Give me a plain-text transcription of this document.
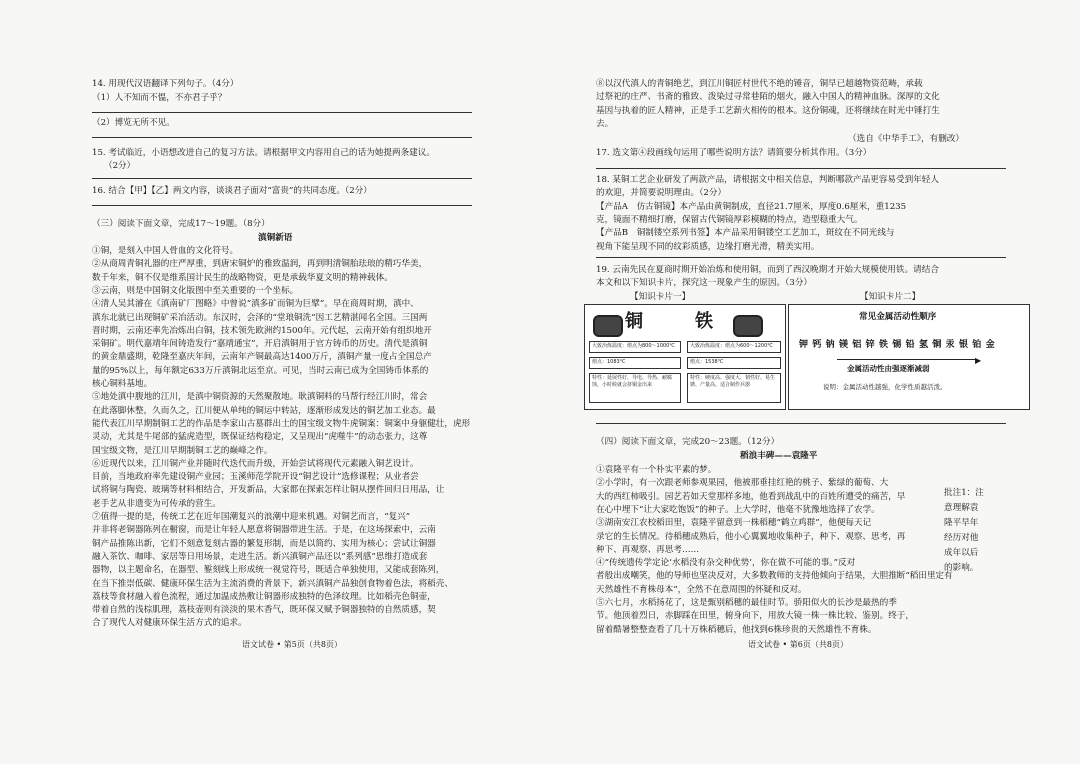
14. 用现代汉语翻译下列句子。（4分）
（1）人不知而不愠，不亦君子乎？
（2）博览无所不见。
15. 考试临近，小语想改进自己的复习方法。请根据甲文内容用自己的话为她提两条建议。
（2分）
16. 结合【甲】【乙】两文内容，谈谈君子面对“富贵”的共同态度。（2分）
（三）阅读下面文章，完成17～19题。（8分）
滇铜新语
①铜，是刻入中国人骨血的文化符号。
②从商周青铜礼器的庄严厚重，到唐宋铜炉的雅致温润，再到明清铜胎珐琅的精巧华美，
数千年来，铜不仅是维系国计民生的战略物资，更是承载华夏文明的精神载体。
③云南，则是中国铜文化版图中至关重要的一个坐标。
④清人吴其濬在《滇南矿厂图略》中曾说“滇多矿而铜为巨擘”。早在商周时期，滇中、
滇东北就已出现铜矿采冶活动。东汉时，会泽的“堂琅铜洗”因工艺精湛闻名全国。三国两
晋时期，云南还率先冶炼出白铜，技术领先欧洲约1500年。元代起，云南开始有组织地开
采铜矿。明代嘉靖年间铸造发行“嘉靖通宝”，开启滇铜用于官方铸币的历史。清代是滇铜
的黄金鼎盛期，乾隆至嘉庆年间，云南年产铜最高达1400万斤，滇铜产量一度占全国总产
量的95%以上，每年额定633万斤滇铜北运至京。可见，当时云南已成为全国铸币体系的
核心铜料基地。
⑤地处滇中腹地的江川，是滇中铜资源的天然聚散地。耿滇铜料的马帮行经江川时，常会
在此落脚休整，久而久之，江川便从单纯的铜运中转站，逐渐形成发达的铜艺加工业态。最
能代表江川早期制铜工艺的作品是李家山古墓群出土的国宝级文物牛虎铜案：铜案中身躯健壮，虎形
灵动，尤其是牛尾部的猛虎造型，既保证结构稳定，又呈现出“虎噬牛”的动态张力，这尊
国宝级文物，是江川早期制铜工艺的巅峰之作。
⑥近现代以来，江川铜产业并随时代迭代而升级，开始尝试将现代元素融入铜艺设计。
目前，当地政府率先建设铜产业园；玉溪师范学院开设“铜艺设计”选修课程；从业者尝
试将铜与陶瓷、玻璃等材料相结合，开发新品，大家都在探索怎样让铜从摆件回归日用品，让
老手艺从非遗变为可传承的营生。
⑦值得一提的是，传统工艺在近年国潮复兴的浪潮中迎来机遇。对铜艺而言，“复兴”
并非将老铜器陈列在橱窗，而是让年轻人愿意将铜器带进生活。于是，在这场探索中，云南
铜产品推陈出新，它们不刻意复刻古器的繁复形制，而是以简约、实用为核心；尝试让铜器
融入茶饮、咖啡、家居等日用场景，走进生活。新兴滇铜产品还以“系列感”思维打造成套
器物，以主题命名，在器型、錾刻线上形成统一视觉符号，既适合单独使用，又能成套陈列，
在当下推崇低碳、健康环保生活为主流消费的背景下，新兴滇铜产品独创食物着色法，将稻壳、
荔枝等食材融入着色流程，通过加温成热敷让铜器形成独特的色泽纹理。比如稻壳色铜壶，
带着自然的浅棕肌理，荔枝壶则有淡淡的果木香气，既环保又赋予铜器独特的自然质感，契
合了现代人对健康环保生活方式的追求。
语文试卷 • 第5页（共8页）
⑧以汉代滇人的青铜绝艺，到江川铜匠村世代不绝的锤音，铜早已超越物资范畴，承载
过祭祀的庄严、书斋的雅致、泼染过寻常巷陌的烟火，融入中国人的精神血脉。深厚的文化
基因与执着的匠人精神，正是手工艺薪火相传的根本。这份铜魂，还将继续在时光中锤打生
去。
（选自《中华手工》，有删改）
17. 选文第④段画线句运用了哪些说明方法？请简要分析其作用。（3分）
18. 某铜工艺企业研发了两款产品，请根据文中相关信息，判断哪款产品更容易受到年轻人
的欢迎，并简要说明理由。（2分）
【产品A　仿古铜镜】本产品由黄铜制成，直径21.7厘米，厚度0.6厘米，重1235
克，镜面不精细打磨，保留古代铜镜厚彩模糊的特点，造型稳重大气。
【产品B　铜制镂空系列书签】本产品采用铜镂空工艺加工，斑纹在不同光线与
视角下能呈现不同的纹彩质感，边缘打磨光滑，精美实用。
19. 云南先民在夏商时期开始冶炼和使用铜，而到了西汉晚期才开始大规模使用铁。请结合
本文和以下知识卡片，探究这一现象产生的原因。（3分）
【知识卡片一】	【知识卡片二】
铜	铁
大致冶炼温度：熔点为800～1000℃	大致冶炼温度：熔点为600～1200℃
熔点：1083℃	熔点：1538℃
特性：延展性好、导电、导热、耐腐蚀，小时候就会挤铜金出来
特性：硬度高、强度大、韧性好、易生锈、产量高、适合制作兵器
常见金属活动性顺序
钾 钙 钠 镁 铝 锌 铁 锡 铅 氢 铜 汞 银 铂 金
▶
金属活动性由强逐渐减弱
说明：金属活动性越强，化学性质越活泼。
（四）阅读下面文章，完成20～23题。（12分）
稻浪丰碑——袁隆平
①袁隆平有一个朴实平素的梦。
②小学时，有一次跟老师参观果园，他被那垂挂红艳的桃子、紫绿的葡萄、大
大的西红柿吸引。园艺若如天堂那样多地，他看到战乱中的百姓所遭受的痛苦，早
在心中埋下“让大家吃饱饭”的种子。上大学时，他毫不犹豫地选择了农学。
③湖南安江农校稻田里，袁隆平留意到一株稻穗“鹤立鸡群”，他便每天记
录它的生长情况。待稻穗成熟后，他小心翼翼地收集种子，种下、观察、思考，再
种下、再观察、再思考……
④“传统遗传学定论‘水稻没有杂交种优势’，你在做不可能的事。”反对
者般出成嘲笑，他的导师也坚决反对，大多数教师的支持他倾向于结果，大胆推断“稻田里定有
天然雄性不育株母本”，全然不在意周围的怀疑和反对。
⑤六七月，水稻扬花了，这是甄别稻穗的最佳时节。骄阳似火的长沙是最热的季
节。他顶着烈日，赤脚踩在田里，俯身向下，用放大镜一株一株比较、鉴别。终于，
留着酷暑整整查看了几十万株稻穗后，他找到6株珍贵的天然雄性不育株。
批注1：注
意理解袁
隆平早年
经历对他
成年以后
的影响。
语文试卷 • 第6页（共8页）
